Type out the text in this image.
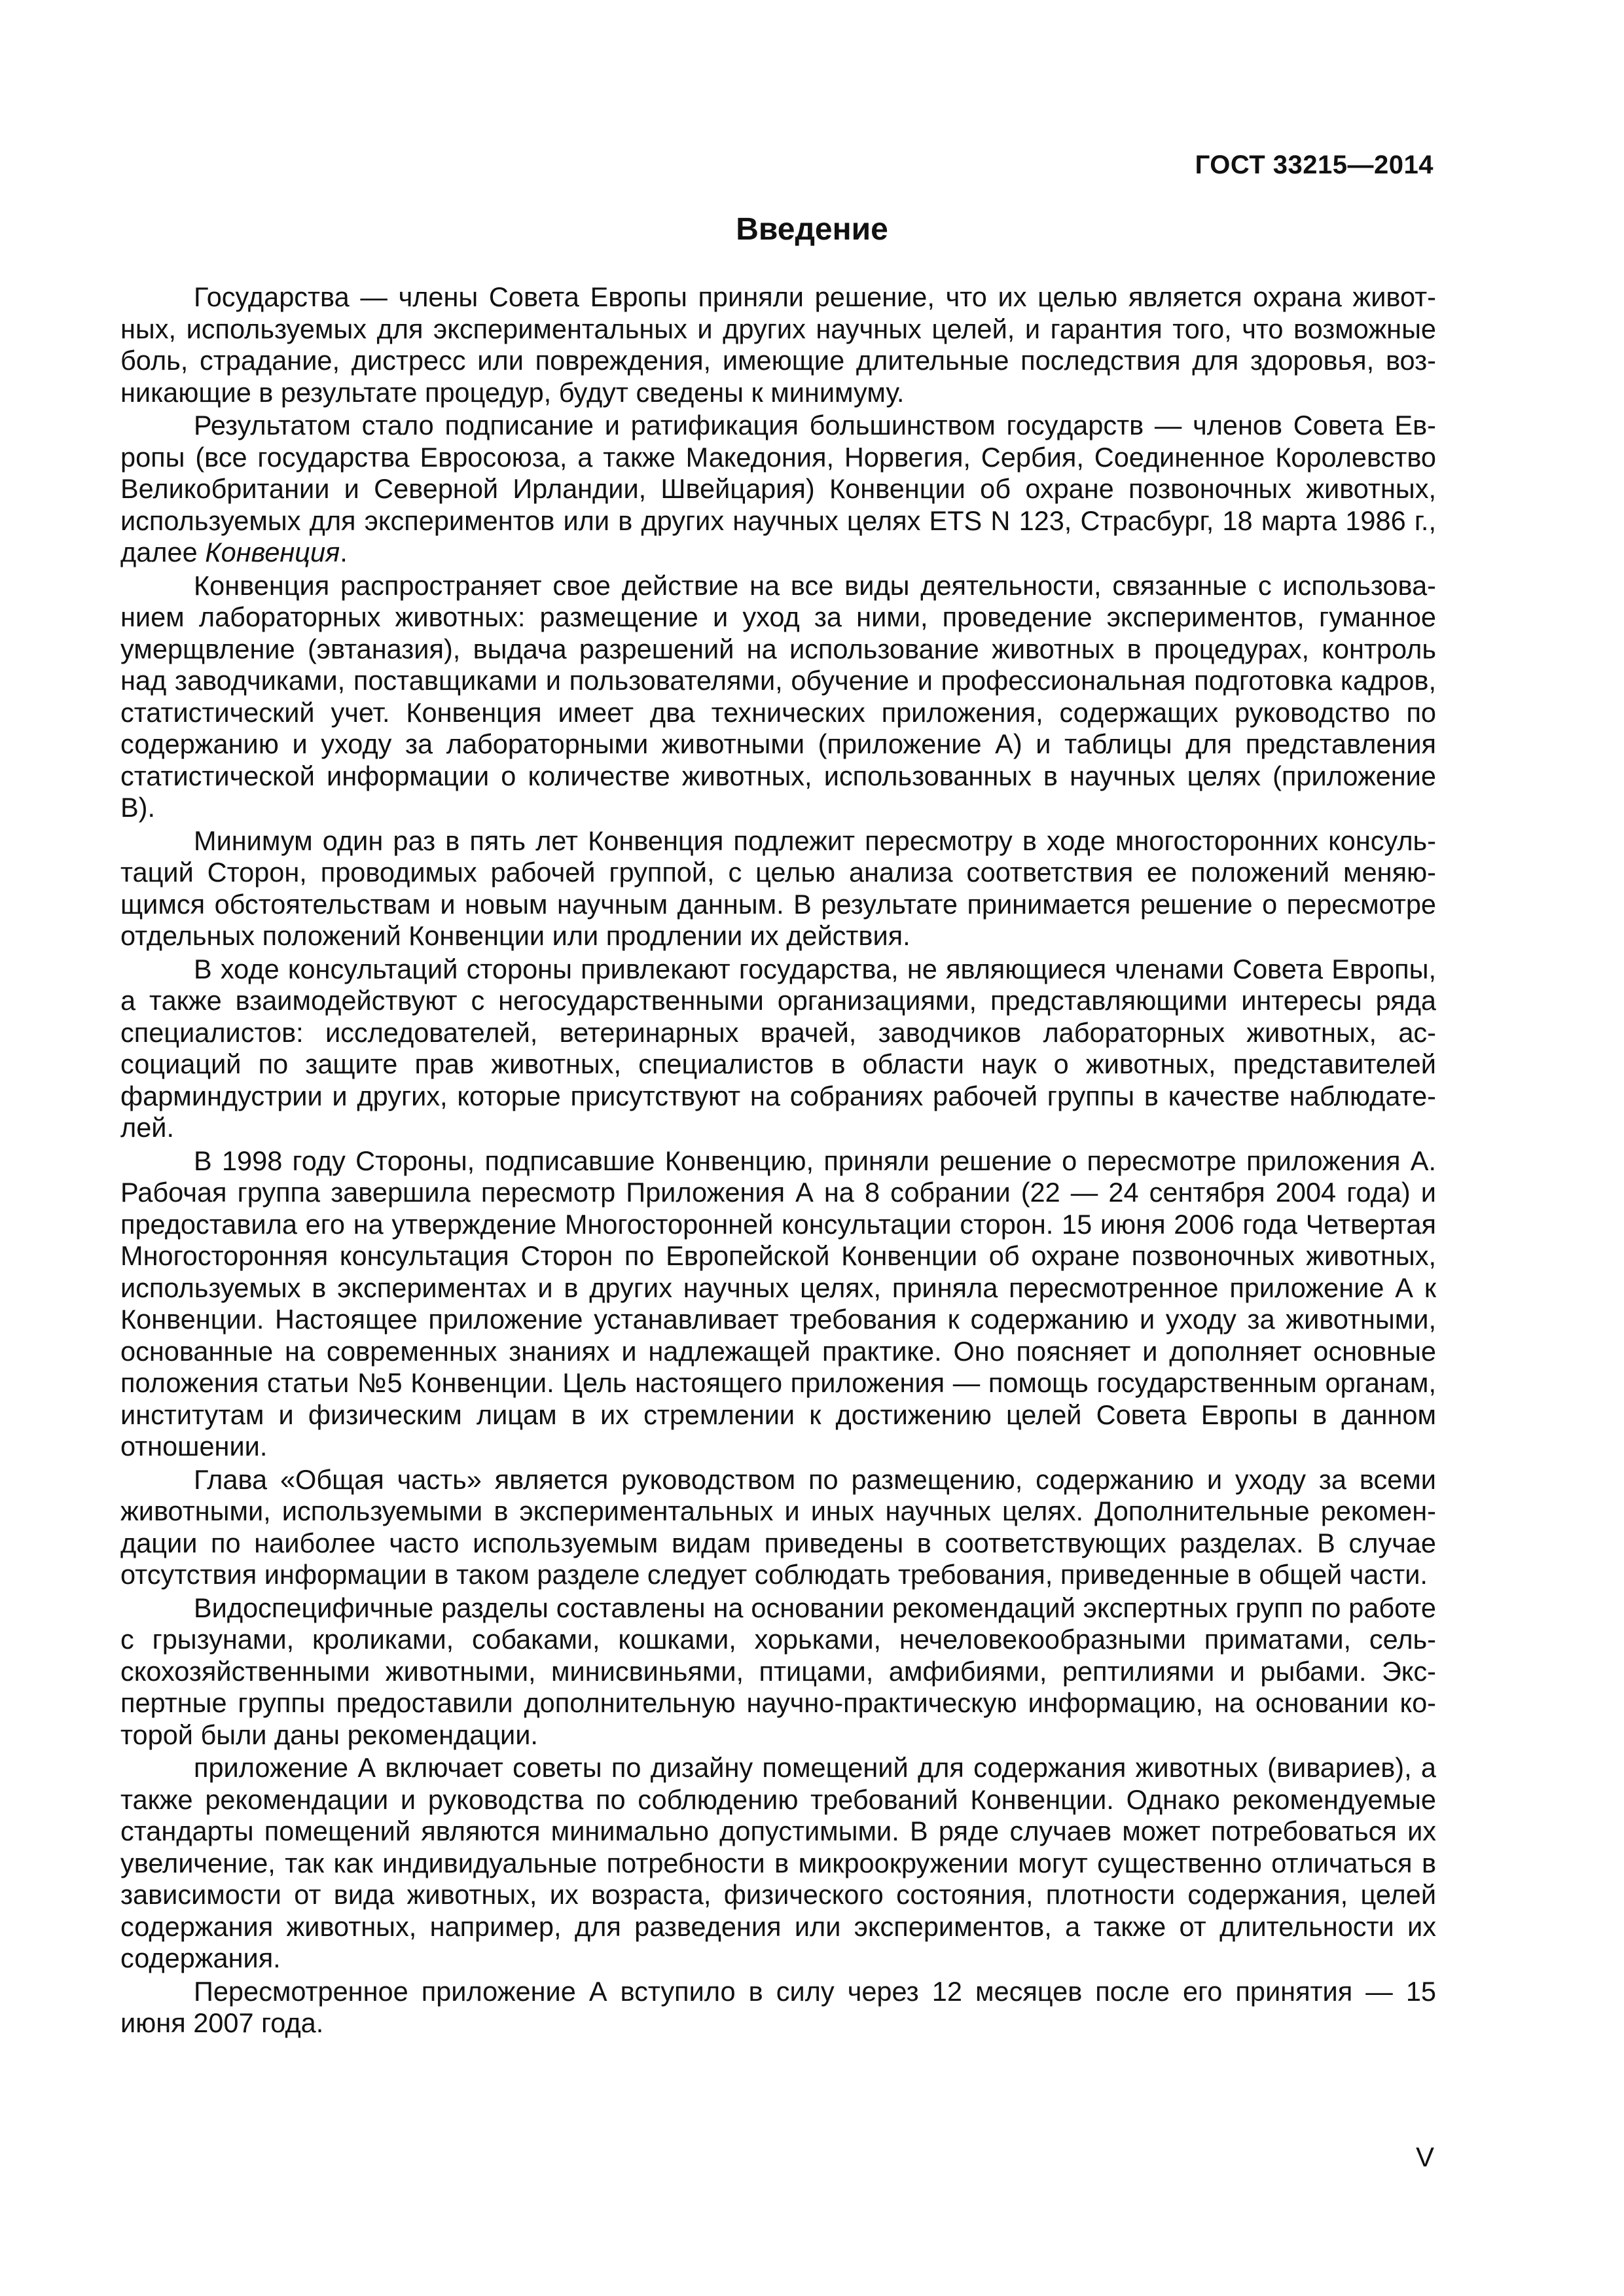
ГОСТ 33215—2014
Введение

Государства — члены Совета Европы приняли решение, что их целью является охрана животных, используемых для экспериментальных и других научных целей, и гарантия того, что возможные боль, страдание, дистресс или повреждения, имеющие длительные последствия для здоровья, возникающие в результате процедур, будут сведены к минимуму.

Результатом стало подписание и ратификация большинством государств — членов Совета Европы (все государства Евросоюза, а также Македония, Норвегия, Сербия, Соединенное Королевство Великобритании и Северной Ирландии, Швейцария) Конвенции об охране позвоночных животных, используемых для экспериментов или в других научных целях ETS N 123, Страсбург, 18 марта 1986 г., далее Конвенция.

Конвенция распространяет свое действие на все виды деятельности, связанные с использованием лабораторных животных: размещение и уход за ними, проведение экспериментов, гуманное умерщвление (эвтаназия), выдача разрешений на использование животных в процедурах, контроль над заводчиками, поставщиками и пользователями, обучение и профессиональная подготовка кадров, статистический учет. Конвенция имеет два технических приложения, содержащих руководство по содержанию и уходу за лабораторными животными (приложение А) и таблицы для представления статистической информации о количестве животных, использованных в научных целях (приложение В).

Минимум один раз в пять лет Конвенция подлежит пересмотру в ходе многосторонних консультаций Сторон, проводимых рабочей группой, с целью анализа соответствия ее положений меняющимся обстоятельствам и новым научным данным. В результате принимается решение о пересмотре отдельных положений Конвенции или продлении их действия.

В ходе консультаций стороны привлекают государства, не являющиеся членами Совета Европы, а также взаимодействуют с негосударственными организациями, представляющими интересы ряда специалистов: исследователей, ветеринарных врачей, заводчиков лабораторных животных, ассоциаций по защите прав животных, специалистов в области наук о животных, представителей фарминдустрии и других, которые присутствуют на собраниях рабочей группы в качестве наблюдателей.

В 1998 году Стороны, подписавшие Конвенцию, приняли решение о пересмотре приложения А. Рабочая группа завершила пересмотр Приложения А на 8 собрании (22 — 24 сентября 2004 года) и предоставила его на утверждение Многосторонней консультации сторон. 15 июня 2006 года Четвертая Многосторонняя консультация Сторон по Европейской Конвенции об охране позвоночных животных, используемых в экспериментах и в других научных целях, приняла пересмотренное приложение А к Конвенции. Настоящее приложение устанавливает требования к содержанию и уходу за животными, основанные на современных знаниях и надлежащей практике. Оно поясняет и дополняет основные положения статьи №5 Конвенции. Цель настоящего приложения — помощь государственным органам, институтам и физическим лицам в их стремлении к достижению целей Совета Европы в данном отношении.

Глава «Общая часть» является руководством по размещению, содержанию и уходу за всеми животными, используемыми в экспериментальных и иных научных целях. Дополнительные рекомендации по наиболее часто используемым видам приведены в соответствующих разделах. В случае отсутствия информации в таком разделе следует соблюдать требования, приведенные в общей части.

Видоспецифичные разделы составлены на основании рекомендаций экспертных групп по работе с грызунами, кроликами, собаками, кошками, хорьками, нечеловекообразными приматами, сельскохозяйственными животными, минисвиньями, птицами, амфибиями, рептилиями и рыбами. Экспертные группы предоставили дополнительную научно-практическую информацию, на основании которой были даны рекомендации.

приложение А включает советы по дизайну помещений для содержания животных (вивариев), а также рекомендации и руководства по соблюдению требований Конвенции. Однако рекомендуемые стандарты помещений являются минимально допустимыми. В ряде случаев может потребоваться их увеличение, так как индивидуальные потребности в микроокружении могут существенно отличаться в зависимости от вида животных, их возраста, физического состояния, плотности содержания, целей содержания животных, например, для разведения или экспериментов, а также от длительности их содержания.

Пересмотренное приложение А вступило в силу через 12 месяцев после его принятия — 15 июня 2007 года.

V
